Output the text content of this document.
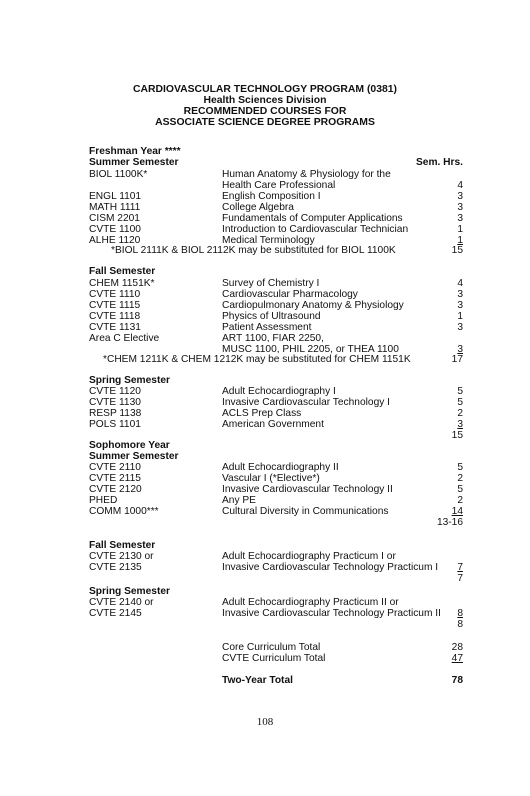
CARDIOVASCULAR TECHNOLOGY PROGRAM (0381)
Health Sciences Division
RECOMMENDED COURSES FOR
ASSOCIATE SCIENCE DEGREE PROGRAMS
Freshman Year ****
Summer Semester	Sem. Hrs.
BIOL 1100K*	Human Anatomy & Physiology for the
Health Care Professional	4
ENGL 1101	English Composition I	3
MATH 1111	College Algebra	3
CISM 2201	Fundamentals of Computer Applications	3
CVTE 1100	Introduction to Cardiovascular Technician	1
ALHE 1120	Medical Terminology	1
*BIOL 2111K & BIOL 2112K may be substituted for BIOL 1100K	15
Fall Semester
CHEM 1151K*	Survey of Chemistry I	4
CVTE 1110	Cardiovascular Pharmacology	3
CVTE 1115	Cardiopulmonary Anatomy & Physiology	3
CVTE 1118	Physics of Ultrasound	1
CVTE 1131	Patient Assessment	3
Area C Elective	ART 1100, FIAR 2250,
MUSC 1100, PHIL 2205, or THEA 1100	3
*CHEM 1211K & CHEM 1212K may be substituted for CHEM 1151K	17
Spring Semester
CVTE 1120	Adult Echocardiography I	5
CVTE 1130	Invasive Cardiovascular Technology I	5
RESP 1138	ACLS Prep Class	2
POLS 1101	American Government	3
15
Sophomore Year
Summer Semester
CVTE 2110	Adult Echocardiography II	5
CVTE 2115	Vascular I (*Elective*)	2
CVTE 2120	Invasive Cardiovascular Technology II	5
PHED	Any PE	2
COMM 1000***	Cultural Diversity in Communications	14
13-16
Fall Semester
CVTE 2130 or	Adult Echocardiography Practicum I or
CVTE 2135	Invasive Cardiovascular Technology Practicum I 7
7
Spring Semester
CVTE 2140 or	Adult Echocardiography Practicum II or
CVTE 2145	Invasive Cardiovascular Technology Practicum II 8
8
Core Curriculum Total	28
CVTE Curriculum Total	47
Two-Year Total	78
108
